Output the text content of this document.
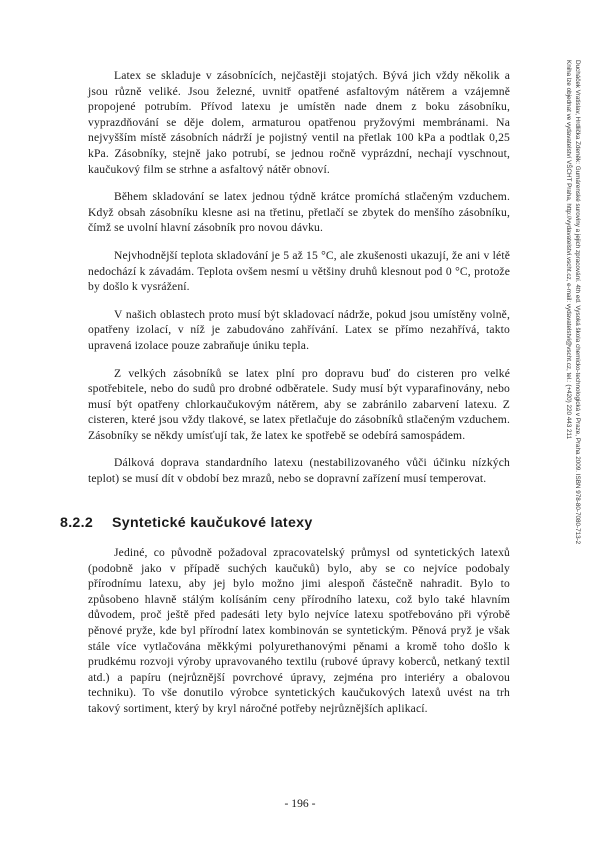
Latex se skladuje v zásobnících, nejčastěji stojatých. Bývá jich vždy několik a jsou různě veliké. Jsou železné, uvnitř opatřené asfaltovým nátěrem a vzájemně propojené potrubím. Přívod latexu je umístěn nade dnem z boku zásobníku, vyprazdňování se děje dolem, armaturou opatřenou pryžovými membránami. Na nejvyšším místě zásobních nádrží je pojistný ventil na přetlak 100 kPa a podtlak 0,25 kPa. Zásobníky, stejně jako potrubí, se jednou ročně vyprázdní, nechají vyschnout, kaučukový film se strhne a asfaltový nátěr obnoví.

Během skladování se latex jednou týdně krátce promíchá stlačeným vzduchem. Když obsah zásobníku klesne asi na třetinu, přetlačí se zbytek do menšího zásobníku, čímž se uvolní hlavní zásobník pro novou dávku.

Nejvhodnější teplota skladování je 5 až 15 °C, ale zkušenosti ukazují, že ani v létě nedochází k závadám. Teplota ovšem nesmí u většiny druhů klesnout pod 0 °C, protože by došlo k vysrážení.

V našich oblastech proto musí být skladovací nádrže, pokud jsou umístěny volně, opatřeny izolací, v níž je zabudováno zahřívání. Latex se přímo nezahřívá, takto upravená izolace pouze zabraňuje úniku tepla.

Z velkých zásobníků se latex plní pro dopravu buď do cisteren pro velké spotřebitele, nebo do sudů pro drobné odběratele. Sudy musí být vyparafinovány, nebo musí být opatřeny chlorkaučukovým nátěrem, aby se zabránilo zabarvení latexu. Z cisteren, které jsou vždy tlakové, se latex přetlačuje do zásobníků stlačeným vzduchem. Zásobníky se někdy umísťují tak, že latex ke spotřebě se odebírá samospádem.

Dálková doprava standardního latexu (nestabilizovaného vůči účinku nízkých teplot) se musí dít v období bez mrazů, nebo se dopravní zařízení musí temperovat.

8.2.2 Syntetické kaučukové latexy

Jediné, co původně požadoval zpracovatelský průmysl od syntetických latexů (podobně jako v případě suchých kaučuků) bylo, aby se co nejvíce podobaly přírodnímu latexu, aby jej bylo možno jimi alespoň částečně nahradit. Bylo to způsobeno hlavně stálým kolísáním ceny přírodního latexu, což bylo také hlavním důvodem, proč ještě před padesáti lety bylo nejvíce latexu spotřebováno při výrobě pěnové pryže, kde byl přírodní latex kombinován se syntetickým. Pěnová pryž je však stále více vytlačována měkkými polyurethanovými pěnami a kromě toho došlo k prudkému rozvoji výroby upravovaného textilu (rubové úpravy koberců, netkaný textil atd.) a papíru (nejrůznější povrchové úpravy, zejména pro interiéry a obalovou techniku). To vše donutilo výrobce syntetických kaučukových latexů uvést na trh takový sortiment, který by kryl náročné potřeby nejrůznějších aplikací.

- 196 -
Ducháček Vratislav, Hrdlička Zdeněk: Gumárenské suroviny a jejich zpracování. 4th ed. Vysoká škola chemicko-technologická v Praze, Praha 2009. ISBN 978-80-7080-713-2
Kniha lze objednat ve vydavatelství VŠCHT Praha, http://vydavatelstvi.vscht.cz, e-mail: vydavatelstvi@vscht.cz, tel.: (+420) 220 443 211
